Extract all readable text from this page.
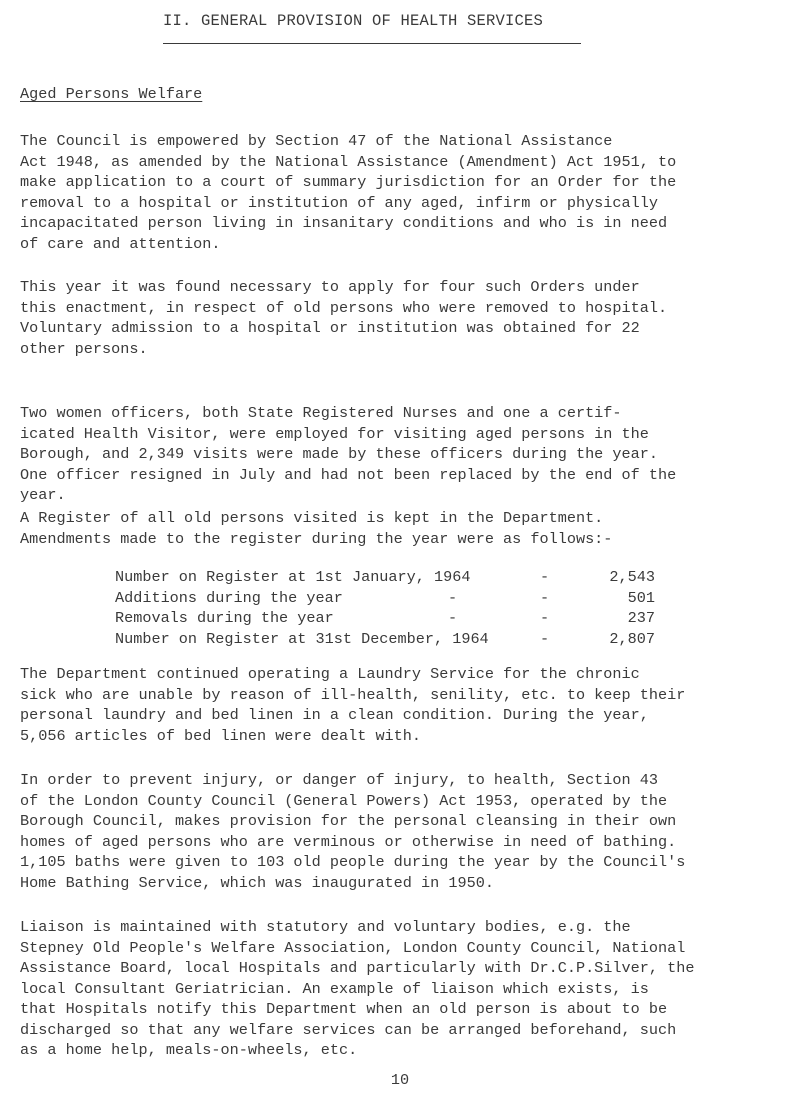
II. GENERAL PROVISION OF HEALTH SERVICES
Aged Persons Welfare

The Council is empowered by Section 47 of the National Assistance
Act 1948, as amended by the National Assistance (Amendment) Act 1951, to
make application to a court of summary jurisdiction for an Order for the
removal to a hospital or institution of any aged, infirm or physically
incapacitated person living in insanitary conditions and who is in need
of care and attention.

This year it was found necessary to apply for four such Orders under
this enactment, in respect of old persons who were removed to hospital.
Voluntary admission to a hospital or institution was obtained for 22
other persons.

Two women officers, both State Registered Nurses and one a certif-
icated Health Visitor, were employed for visiting aged persons in the
Borough, and 2,349 visits were made by these officers during the year.
One officer resigned in July and had not been replaced by the end of the
year.

A Register of all old persons visited is kept in the Department.
Amendments made to the register during the year were as follows:-

Number on Register at 1st January, 1964	-	2,543
Additions during the year	-	-	501
Removals during the year	-	-	237
Number on Register at 31st December, 1964	-	2,807

The Department continued operating a Laundry Service for the chronic
sick who are unable by reason of ill-health, senility, etc. to keep their
personal laundry and bed linen in a clean condition. During the year,
5,056 articles of bed linen were dealt with.

In order to prevent injury, or danger of injury, to health, Section 43
of the London County Council (General Powers) Act 1953, operated by the
Borough Council, makes provision for the personal cleansing in their own
homes of aged persons who are verminous or otherwise in need of bathing.
1,105 baths were given to 103 old people during the year by the Council's
Home Bathing Service, which was inaugurated in 1950.

Liaison is maintained with statutory and voluntary bodies, e.g. the
Stepney Old People's Welfare Association, London County Council, National
Assistance Board, local Hospitals and particularly with Dr.C.P.Silver, the
local Consultant Geriatrician. An example of liaison which exists, is
that Hospitals notify this Department when an old person is about to be
discharged so that any welfare services can be arranged beforehand, such
as a home help, meals-on-wheels, etc.

10
